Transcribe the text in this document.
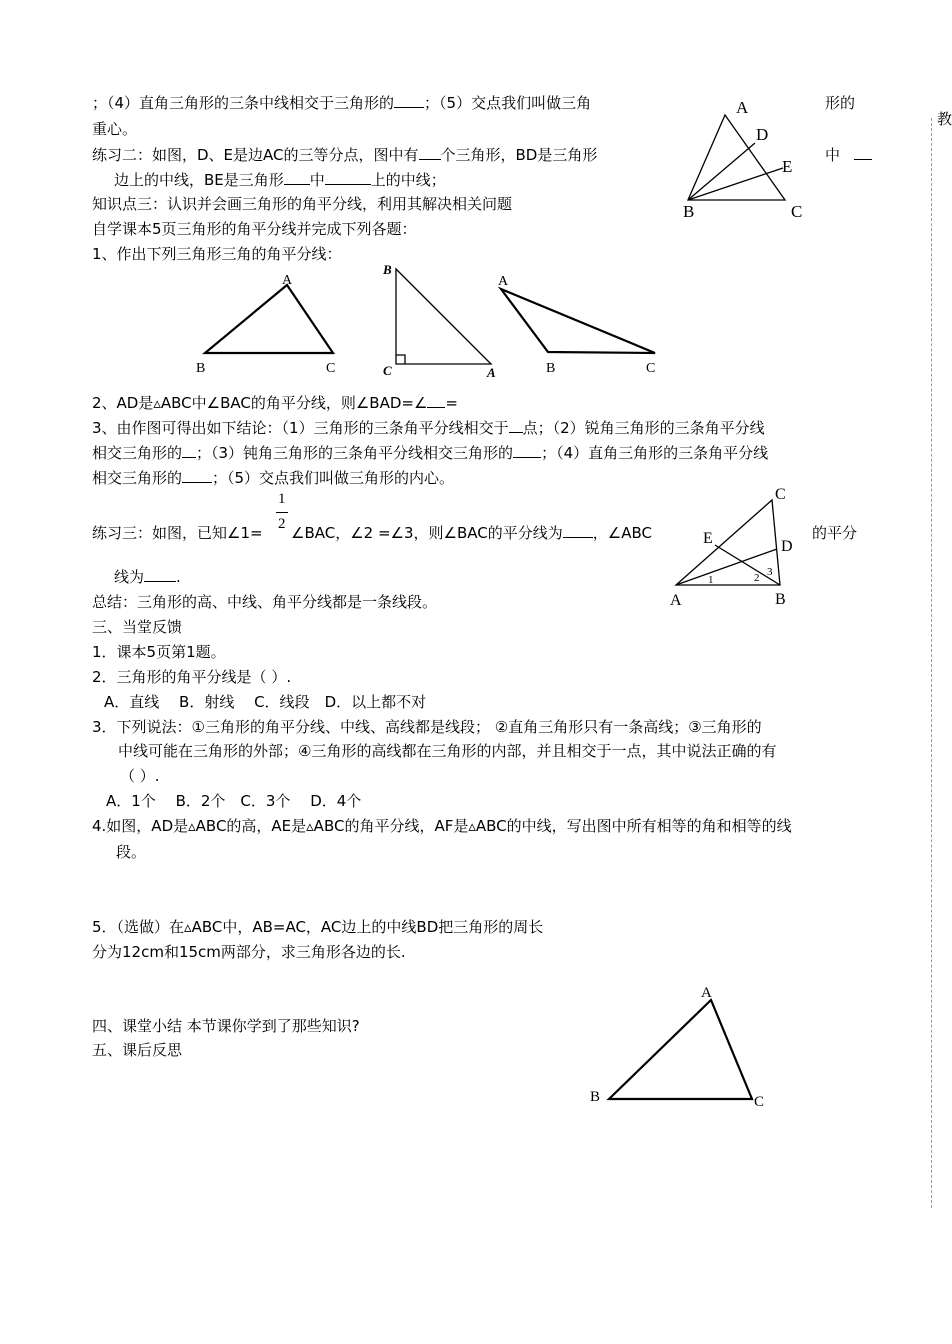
教
；（4）直角三角形的三条中线相交于三角形的 ；（5）交点我们叫做三角	形的
重心。
练习二：如图，D、E是边AC的三等分点，图中有 个三角形，BD是三角形	中
边上的中线，BE是三角形 中	上的中线；
知识点三：认识并会画三角形的角平分线，利用其解决相关问题
自学课本5页三角形的角平分线并完成下列各题：
1、作出下列三角形三角的角平分线：
A
D
E
B	C
A
B	C
B
C	A
A
B	C
2、AD是▵ABC中∠BAC的角平分线，则∠BAD=∠ =
3、由作图可得出如下结论：（1）三角形的三条角平分线相交于 点；（2）锐角三角形的三条角平分线
相交三角形的 ；（3）钝角三角形的三条角平分线相交三角形的 ；（4）直角三角形的三条角平分线
相交三角形的 ；（5）交点我们叫做三角形的内心。
1
2
练习三：如图，已知∠1= ∠BAC，∠2 =∠3，则∠BAC的平分线为 ，∠ABC	的平分
线为 .
C
E	D
1	2 3
A	B
总结：三角形的高、中线、角平分线都是一条线段。
三、当堂反馈
1．课本5页第1题。
2．三角形的角平分线是（ ）.
A．直线　 B．射线　 C．线段　D．以上都不对
3．下列说法：①三角形的角平分线、中线、高线都是线段； ②直角三角形只有一条高线；③三角形的
中线可能在三角形的外部；④三角形的高线都在三角形的内部，并且相交于一点，其中说法正确的有
（ ）.
A．1个　 B．2个　C．3个　 D．4个
4.如图，AD是▵ABC的高，AE是▵ABC的角平分线，AF是▵ABC的中线，写出图中所有相等的角和相等的线
段。
5．（选做）在▵ABC中，AB=AC，AC边上的中线BD把三角形的周长
分为12cm和15cm两部分，求三角形各边的长.
四、课堂小结 本节课你学到了那些知识?
五、课后反思
A
B	C
